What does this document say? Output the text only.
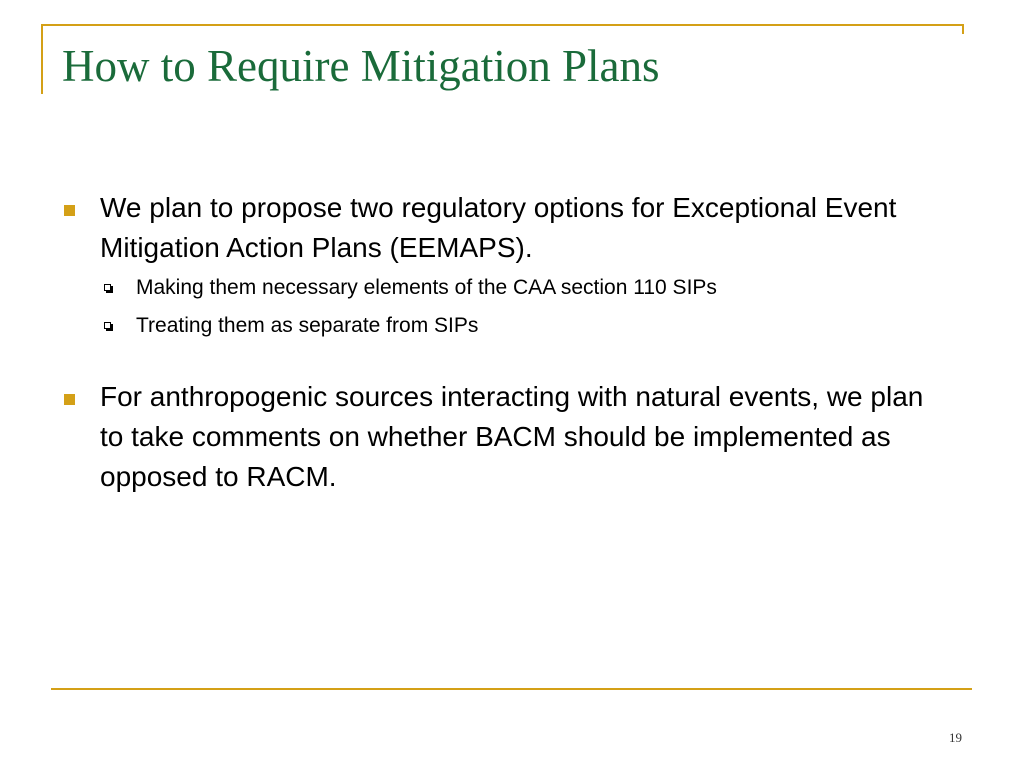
How to Require Mitigation Plans
We plan to propose two regulatory options for Exceptional Event Mitigation Action Plans (EEMAPS).
Making them necessary elements of the CAA section 110 SIPs
Treating them as separate from SIPs
For anthropogenic sources interacting with natural events, we plan to take comments on whether BACM should be implemented as opposed to RACM.
19
